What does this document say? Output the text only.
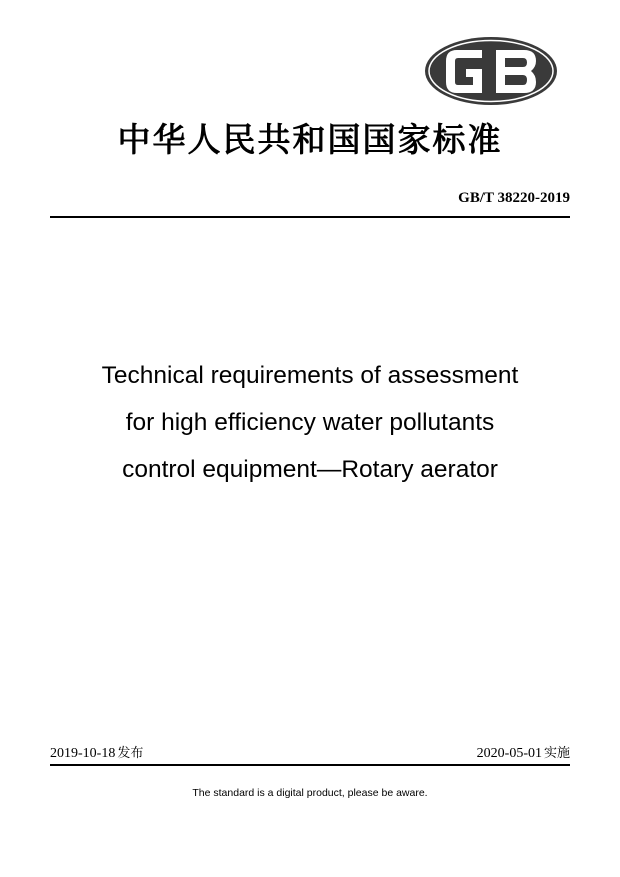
中华人民共和国国家标准
GB/T 38220-2019
Technical requirements of assessment
for high efficiency water pollutants
control equipment—Rotary aerator
2019-10-18 发布	2020-05-01 实施
The standard is a digital product, please be aware.
